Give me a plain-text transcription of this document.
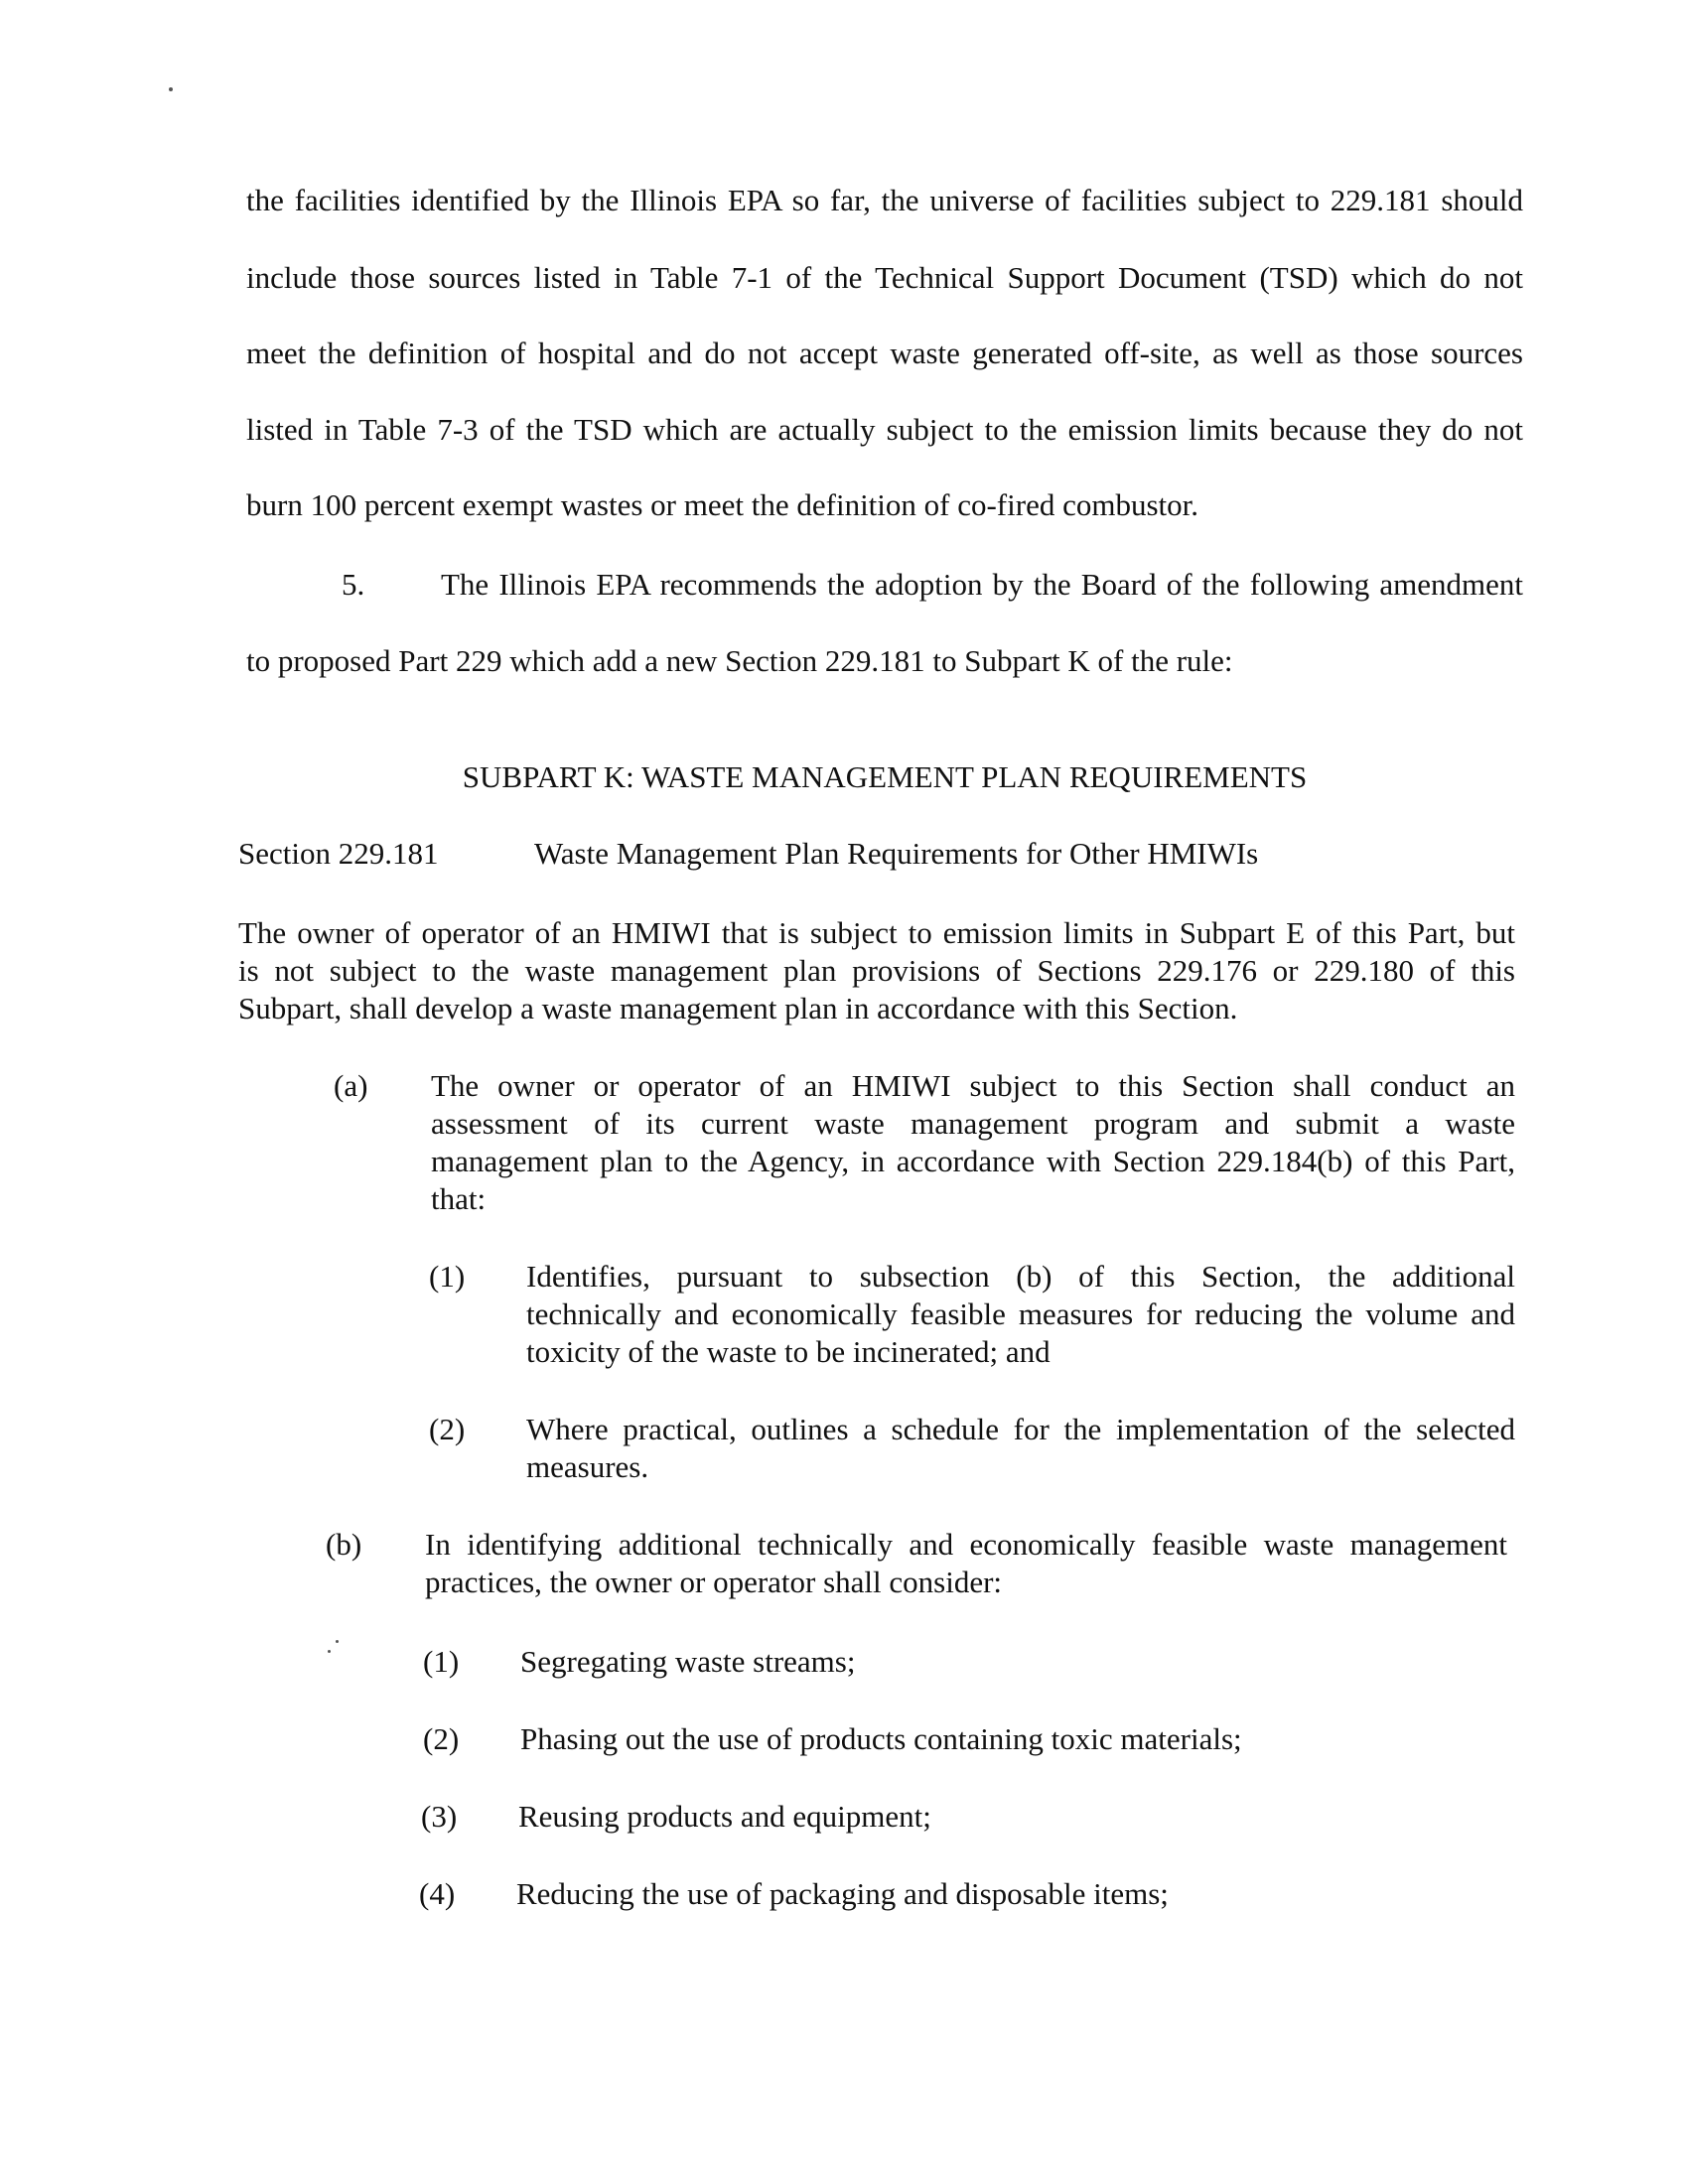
the facilities identified by the Illinois EPA so far, the universe of facilities subject to 229.181 should
include those sources listed in Table 7-1 of the Technical Support Document (TSD) which do not
meet the definition of hospital and do not accept waste generated off-site, as well as those sources
listed in Table 7-3 of the TSD which are actually subject to the emission limits because they do not
burn 100 percent exempt wastes or meet the definition of co-fired combustor.
5. The Illinois EPA recommends the adoption by the Board of the following amendment
to proposed Part 229 which add a new Section 229.181 to Subpart K of the rule:
SUBPART K: WASTE MANAGEMENT PLAN REQUIREMENTS
Section 229.181	Waste Management Plan Requirements for Other HMIWIs
The owner of operator of an HMIWI that is subject to emission limits in Subpart E of this Part, but
is not subject to the waste management plan provisions of Sections 229.176 or 229.180 of this
Subpart, shall develop a waste management plan in accordance with this Section.
(a) The owner or operator of an HMIWI subject to this Section shall conduct an
assessment of its current waste management program and submit a waste
management plan to the Agency, in accordance with Section 229.184(b) of this Part,
that:
(1) Identifies, pursuant to subsection (b) of this Section, the additional
technically and economically feasible measures for reducing the volume and
toxicity of the waste to be incinerated; and
(2) Where practical, outlines a schedule for the implementation of the selected
measures.
(b) In identifying additional technically and economically feasible waste management
practices, the owner or operator shall consider:
(1) Segregating waste streams;
(2) Phasing out the use of products containing toxic materials;
(3) Reusing products and equipment;
(4) Reducing the use of packaging and disposable items;
